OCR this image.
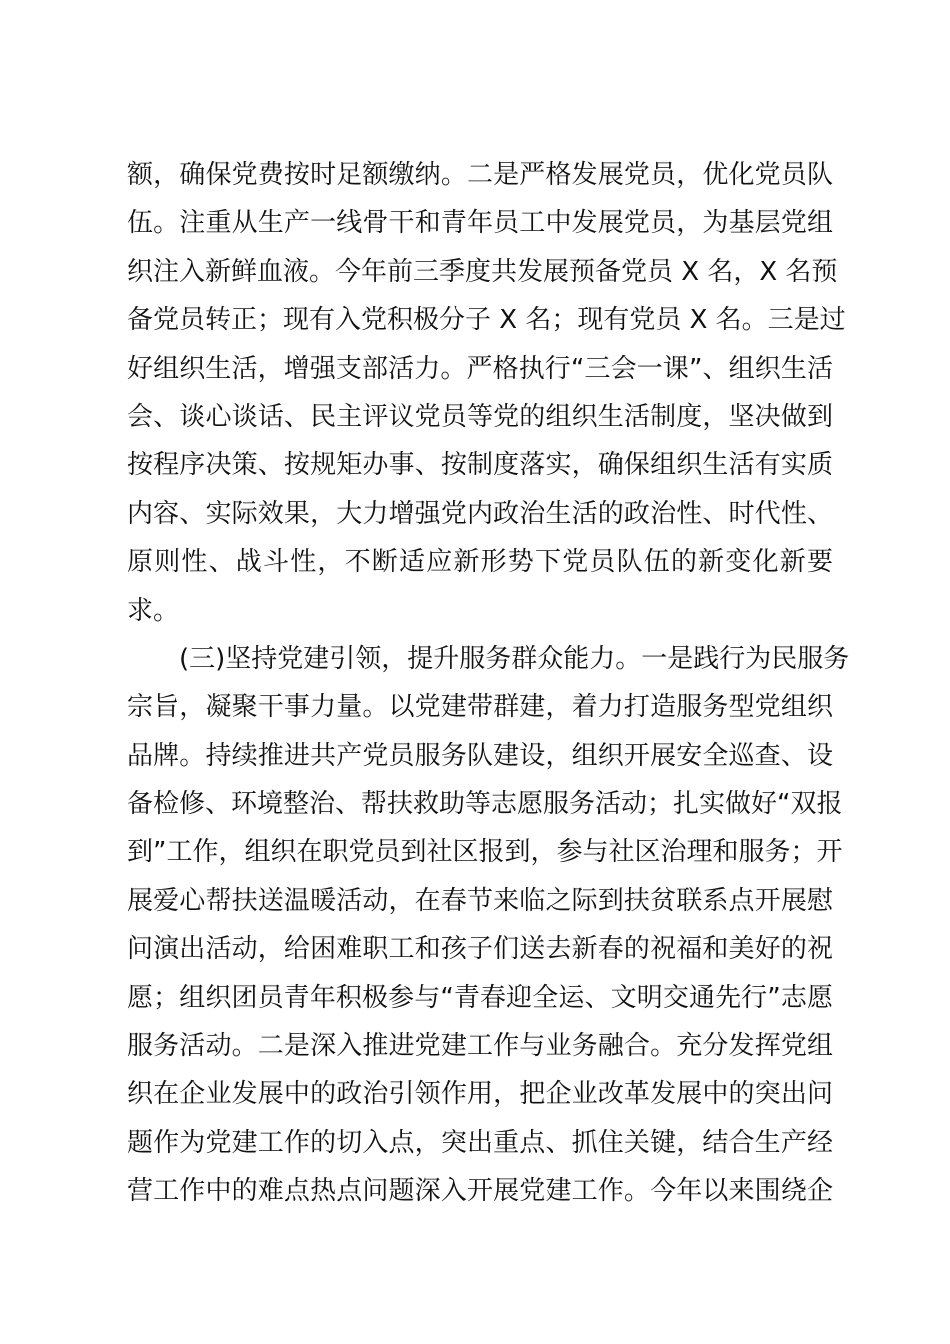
额，确保党费按时足额缴纳。二是严格发展党员，优化党员队
伍。注重从生产一线骨干和青年员工中发展党员，为基层党组
织注入新鲜血液。今年前三季度共发展预备党员 X 名，X 名预
备党员转正；现有入党积极分子 X 名；现有党员 X 名。三是过
好组织生活，增强支部活力。严格执行“三会一课”、组织生活
会、谈心谈话、民主评议党员等党的组织生活制度，坚决做到
按程序决策、按规矩办事、按制度落实，确保组织生活有实质
内容、实际效果，大力增强党内政治生活的政治性、时代性、
原则性、战斗性，不断适应新形势下党员队伍的新变化新要
求。
(三)坚持党建引领，提升服务群众能力。一是践行为民服务
宗旨，凝聚干事力量。以党建带群建，着力打造服务型党组织
品牌。持续推进共产党员服务队建设，组织开展安全巡查、设
备检修、环境整治、帮扶救助等志愿服务活动；扎实做好“双报
到”工作，组织在职党员到社区报到，参与社区治理和服务；开
展爱心帮扶送温暖活动，在春节来临之际到扶贫联系点开展慰
问演出活动，给困难职工和孩子们送去新春的祝福和美好的祝
愿；组织团员青年积极参与“青春迎全运、文明交通先行”志愿
服务活动。二是深入推进党建工作与业务融合。充分发挥党组
织在企业发展中的政治引领作用，把企业改革发展中的突出问
题作为党建工作的切入点，突出重点、抓住关键，结合生产经
营工作中的难点热点问题深入开展党建工作。今年以来围绕企
